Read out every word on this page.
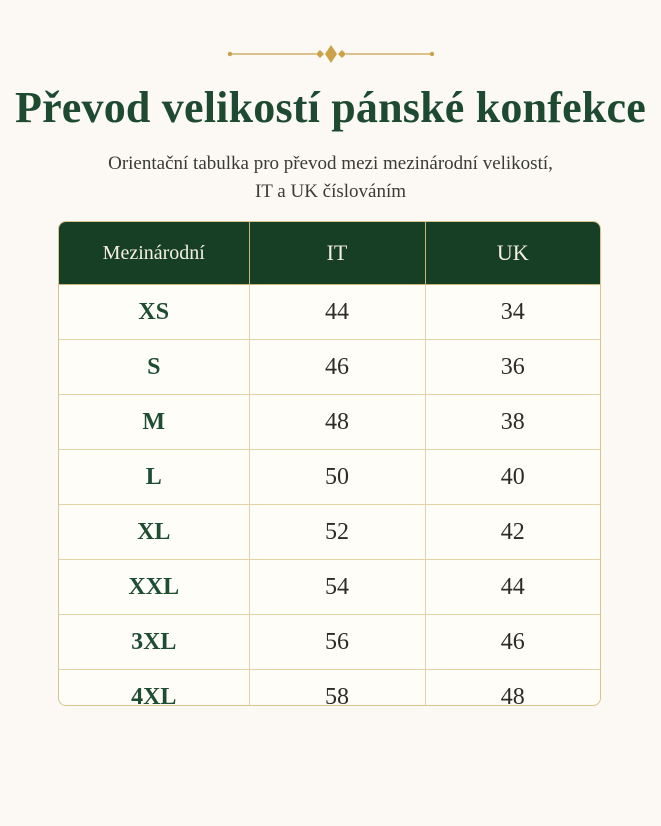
Převod velikostí pánské konfekce
Orientační tabulka pro převod mezi mezinárodní velikostí,
IT a UK číslováním
Mezinárodní	IT	UK
XS	44	34
S	46	36
M	48	38
L	50	40
XL	52	42
XXL	54	44
3XL	56	46
4XL	58	48
